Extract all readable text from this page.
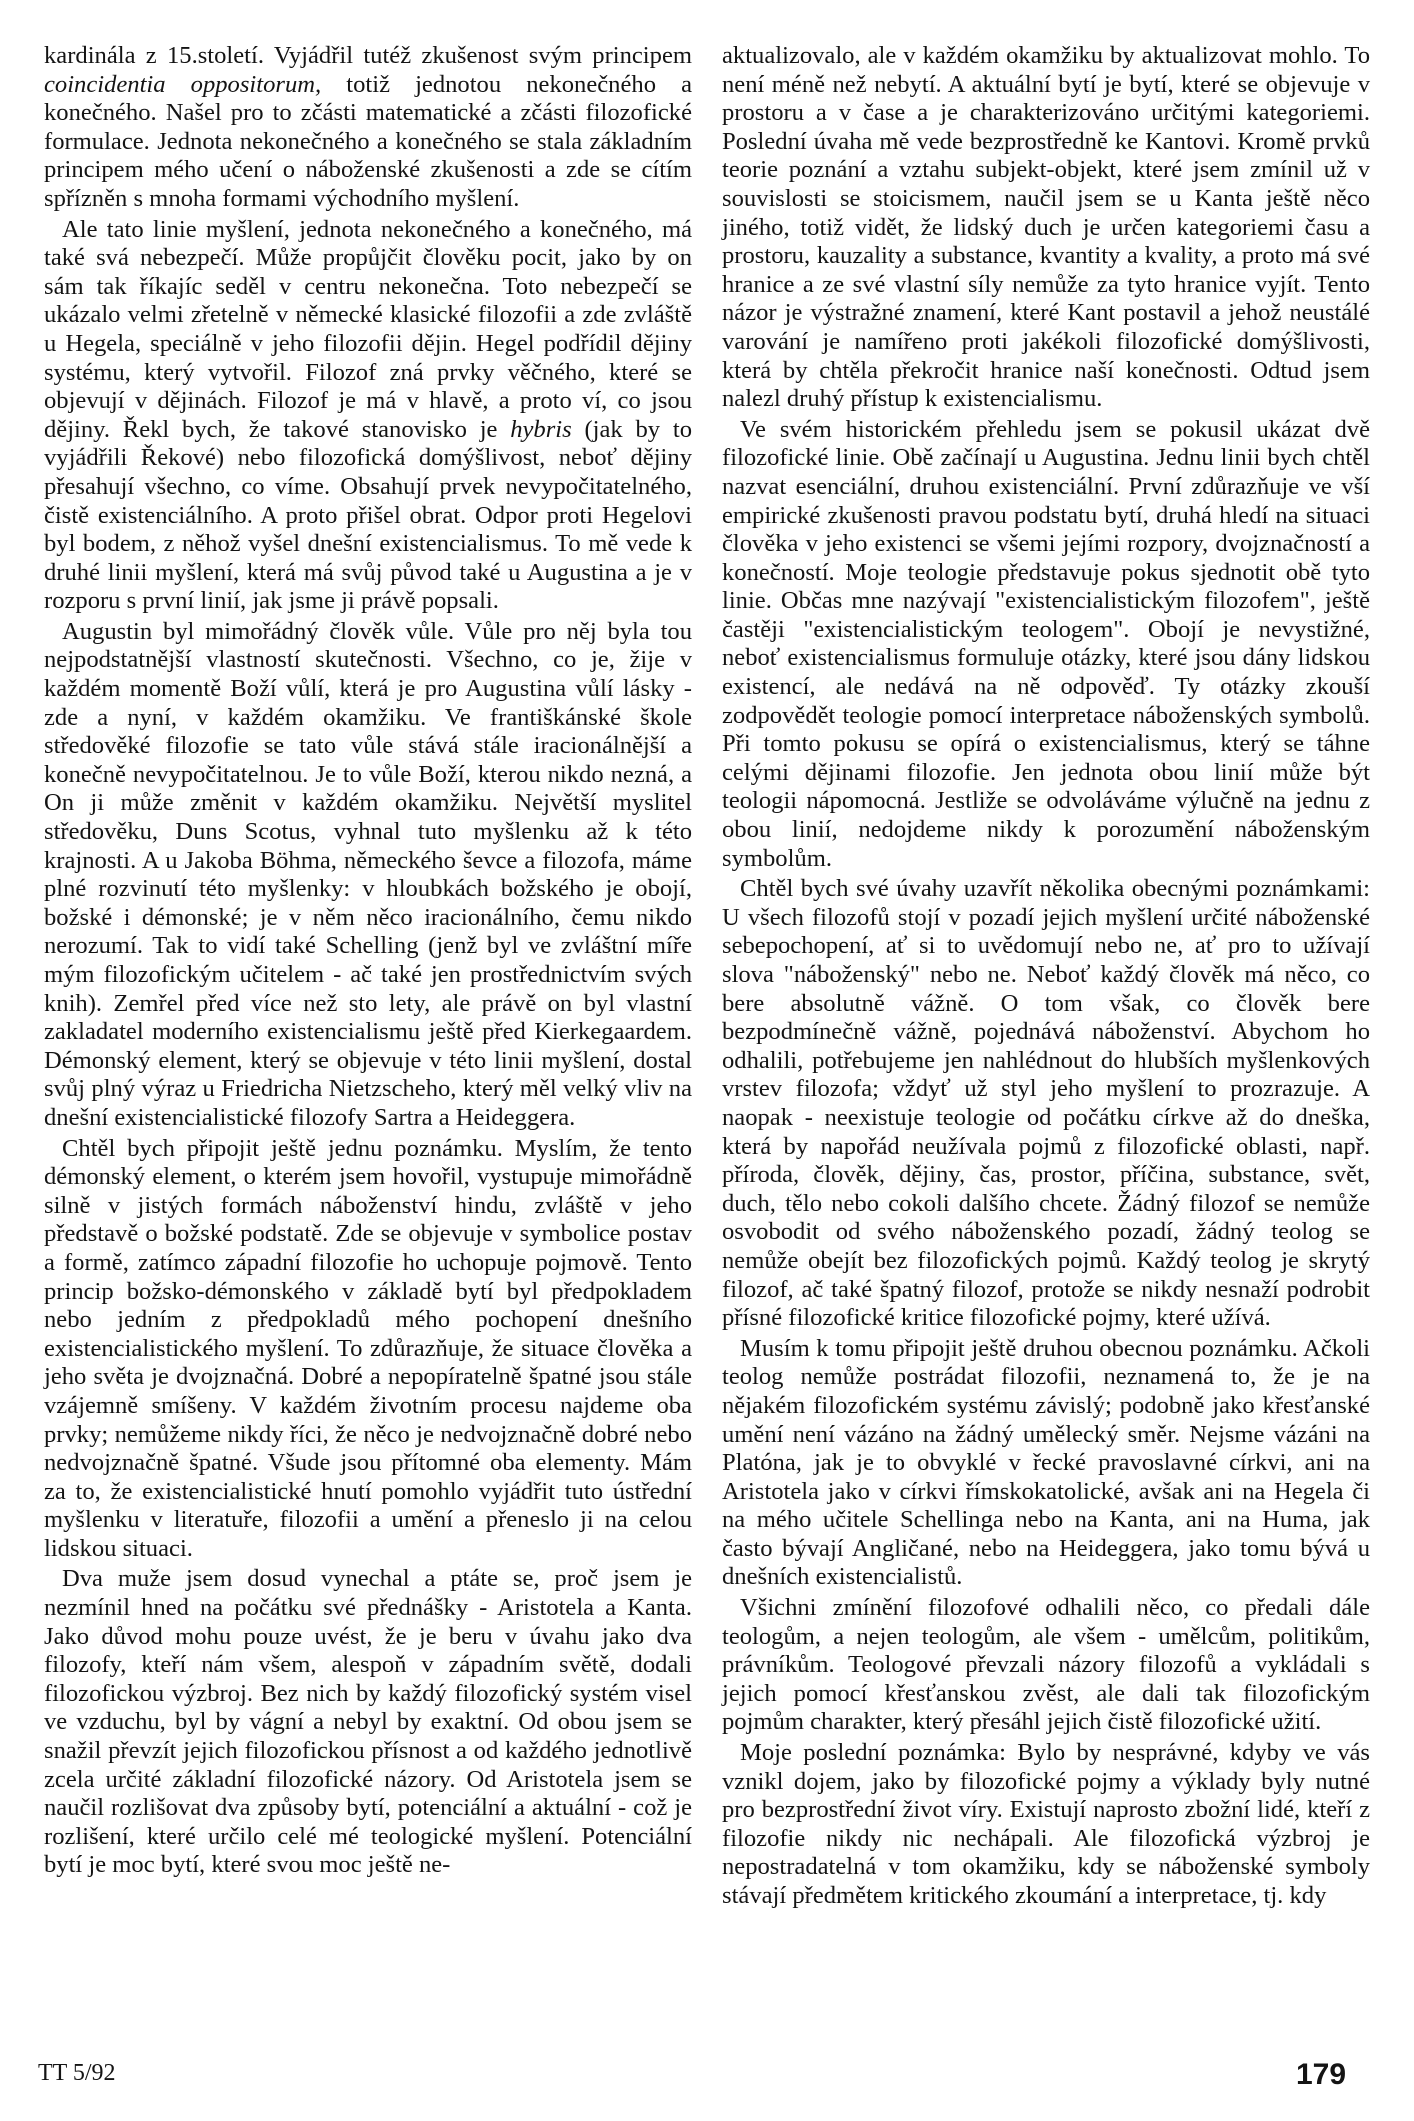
kardinála z 15.století. Vyjádřil tutéž zkušenost svým principem coincidentia oppositorum, totiž jednotou nekonečného a konečného. Našel pro to zčásti matematické a zčásti filozofické formulace. Jednota nekonečného a konečného se stala základním principem mého učení o náboženské zkušenosti a zde se cítím spřízněn s mnoha formami východního myšlení.

Ale tato linie myšlení, jednota nekonečného a konečného, má také svá nebezpečí. Může propůjčit člověku pocit, jako by on sám tak říkajíc seděl v centru nekonečna. Toto nebezpečí se ukázalo velmi zřetelně v německé klasické filozofii a zde zvláště u Hegela, speciálně v jeho filozofii dějin. Hegel podřídil dějiny systému, který vytvořil. Filozof zná prvky věčného, které se objevují v dějinách. Filozof je má v hlavě, a proto ví, co jsou dějiny. Řekl bych, že takové stanovisko je hybris (jak by to vyjádřili Řekové) nebo filozofická domýšlivost, neboť dějiny přesahují všechno, co víme. Obsahují prvek nevypočitatelného, čistě existenciálního. A proto přišel obrat. Odpor proti Hegelovi byl bodem, z něhož vyšel dnešní existencialismus. To mě vede k druhé linii myšlení, která má svůj původ také u Augustina a je v rozporu s první linií, jak jsme ji právě popsali.

Augustin byl mimořádný člověk vůle. Vůle pro něj byla tou nejpodstatnější vlastností skutečnosti. Všechno, co je, žije v každém momentě Boží vůlí, která je pro Augustina vůlí lásky - zde a nyní, v každém okamžiku. Ve františkánské škole středověké filozofie se tato vůle stává stále iracionálnější a konečně nevypočitatelnou. Je to vůle Boží, kterou nikdo nezná, a On ji může změnit v každém okamžiku. Největší myslitel středověku, Duns Scotus, vyhnal tuto myšlenku až k této krajnosti. A u Jakoba Böhma, německého ševce a filozofa, máme plné rozvinutí této myšlenky: v hloubkách božského je obojí, božské i démonské; je v něm něco iracionálního, čemu nikdo nerozumí. Tak to vidí také Schelling (jenž byl ve zvláštní míře mým filozofickým učitelem - ač také jen prostřednictvím svých knih). Zemřel před více než sto lety, ale právě on byl vlastní zakladatel moderního existencialismu ještě před Kierkegaardem. Démonský element, který se objevuje v této linii myšlení, dostal svůj plný výraz u Friedricha Nietzscheho, který měl velký vliv na dnešní existencialistické filozofy Sartra a Heideggera.

Chtěl bych připojit ještě jednu poznámku. Myslím, že tento démonský element, o kterém jsem hovořil, vystupuje mimořádně silně v jistých formách náboženství hindu, zvláště v jeho představě o božské podstatě. Zde se objevuje v symbolice postav a formě, zatímco západní filozofie ho uchopuje pojmově. Tento princip božsko-démonského v základě bytí byl předpokladem nebo jedním z předpokladů mého pochopení dnešního existencialistického myšlení. To zdůrazňuje, že situace člověka a jeho světa je dvojznačná. Dobré a nepopíratelně špatné jsou stále vzájemně smíšeny. V každém životním procesu najdeme oba prvky; nemůžeme nikdy říci, že něco je nedvojznačně dobré nebo nedvojznačně špatné. Všude jsou přítomné oba elementy. Mám za to, že existencialistické hnutí pomohlo vyjádřit tuto ústřední myšlenku v literatuře, filozofii a umění a přeneslo ji na celou lidskou situaci.

Dva muže jsem dosud vynechal a ptáte se, proč jsem je nezmínil hned na počátku své přednášky - Aristotela a Kanta. Jako důvod mohu pouze uvést, že je beru v úvahu jako dva filozofy, kteří nám všem, alespoň v západním světě, dodali filozofickou výzbroj. Bez nich by každý filozofický systém visel ve vzduchu, byl by vágní a nebyl by exaktní. Od obou jsem se snažil převzít jejich filozofickou přísnost a od každého jednotlivě zcela určité základní filozofické názory. Od Aristotela jsem se naučil rozlišovat dva způsoby bytí, potenciální a aktuální - což je rozlišení, které určilo celé mé teologické myšlení. Potenciální bytí je moc bytí, které svou moc ještě ne-

aktualizovalo, ale v každém okamžiku by aktualizovat mohlo. To není méně než nebytí. A aktuální bytí je bytí, které se objevuje v prostoru a v čase a je charakterizováno určitými kategoriemi. Poslední úvaha mě vede bezprostředně ke Kantovi. Kromě prvků teorie poznání a vztahu subjekt-objekt, které jsem zmínil už v souvislosti se stoicismem, naučil jsem se u Kanta ještě něco jiného, totiž vidět, že lidský duch je určen kategoriemi času a prostoru, kauzality a substance, kvantity a kvality, a proto má své hranice a ze své vlastní síly nemůže za tyto hranice vyjít. Tento názor je výstražné znamení, které Kant postavil a jehož neustálé varování je namířeno proti jakékoli filozofické domýšlivosti, která by chtěla překročit hranice naší konečnosti. Odtud jsem nalezl druhý přístup k existencialismu.

Ve svém historickém přehledu jsem se pokusil ukázat dvě filozofické linie. Obě začínají u Augustina. Jednu linii bych chtěl nazvat esenciální, druhou existenciální. První zdůrazňuje ve vší empirické zkušenosti pravou podstatu bytí, druhá hledí na situaci člověka v jeho existenci se všemi jejími rozpory, dvojznačností a konečností. Moje teologie představuje pokus sjednotit obě tyto linie. Občas mne nazývají "existencialistickým filozofem", ještě častěji "existencialistickým teologem". Obojí je nevystižné, neboť existencialismus formuluje otázky, které jsou dány lidskou existencí, ale nedává na ně odpověď. Ty otázky zkouší zodpovědět teologie pomocí interpretace náboženských symbolů. Při tomto pokusu se opírá o existencialismus, který se táhne celými dějinami filozofie. Jen jednota obou linií může být teologii nápomocná. Jestliže se odvoláváme výlučně na jednu z obou linií, nedojdeme nikdy k porozumění náboženským symbolům.

Chtěl bych své úvahy uzavřít několika obecnými poznámkami: U všech filozofů stojí v pozadí jejich myšlení určité náboženské sebepochopení, ať si to uvědomují nebo ne, ať pro to užívají slova "náboženský" nebo ne. Neboť každý člověk má něco, co bere absolutně vážně. O tom však, co člověk bere bezpodmínečně vážně, pojednává náboženství. Abychom ho odhalili, potřebujeme jen nahlédnout do hlubších myšlenkových vrstev filozofa; vždyť už styl jeho myšlení to prozrazuje. A naopak - neexistuje teologie od počátku církve až do dneška, která by napořád neužívala pojmů z filozofické oblasti, např. příroda, člověk, dějiny, čas, prostor, příčina, substance, svět, duch, tělo nebo cokoli dalšího chcete. Žádný filozof se nemůže osvobodit od svého náboženského pozadí, žádný teolog se nemůže obejít bez filozofických pojmů. Každý teolog je skrytý filozof, ač také špatný filozof, protože se nikdy nesnaží podrobit přísné filozofické kritice filozofické pojmy, které užívá.

Musím k tomu připojit ještě druhou obecnou poznámku. Ačkoli teolog nemůže postrádat filozofii, neznamená to, že je na nějakém filozofickém systému závislý; podobně jako křesťanské umění není vázáno na žádný umělecký směr. Nejsme vázáni na Platóna, jak je to obvyklé v řecké pravoslavné církvi, ani na Aristotela jako v církvi římskokatolické, avšak ani na Hegela či na mého učitele Schellinga nebo na Kanta, ani na Huma, jak často bývají Angličané, nebo na Heideggera, jako tomu bývá u dnešních existencialistů.

Všichni zmínění filozofové odhalili něco, co předali dále teologům, a nejen teologům, ale všem - umělcům, politikům, právníkům. Teologové převzali názory filozofů a vykládali s jejich pomocí křesťanskou zvěst, ale dali tak filozofickým pojmům charakter, který přesáhl jejich čistě filozofické užití.

Moje poslední poznámka: Bylo by nesprávné, kdyby ve vás vznikl dojem, jako by filozofické pojmy a výklady byly nutné pro bezprostřední život víry. Existují naprosto zbožní lidé, kteří z filozofie nikdy nic nechápali. Ale filozofická výzbroj je nepostradatelná v tom okamžiku, kdy se náboženské symboly stávají předmětem kritického zkoumání a interpretace, tj. kdy

TT 5/92	179
